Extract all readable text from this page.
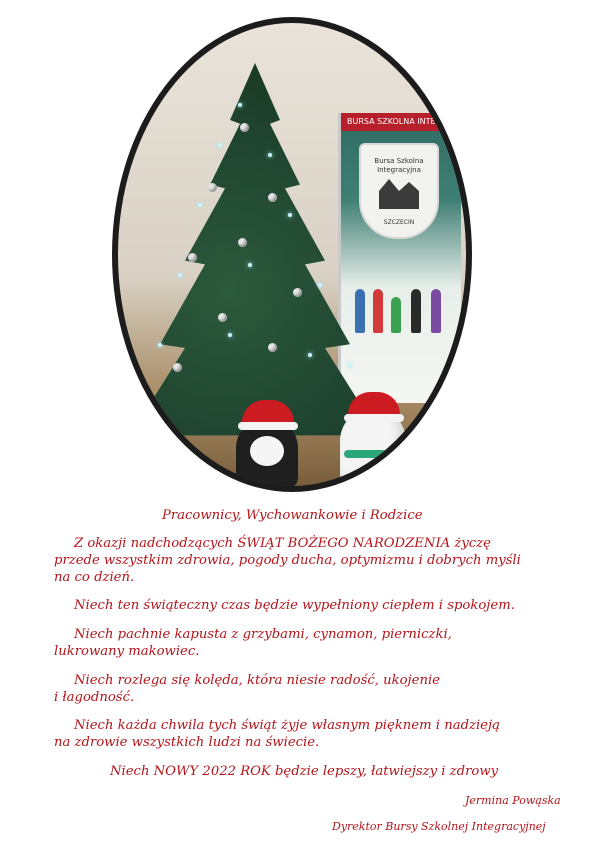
BURSA SZKOLNA INTEGR
Bursa Szkolna
Integracyjna
SZCZECIN
Pracownicy, Wychowankowie i Rodzice
Z okazji nadchodzących ŚWIĄT BOŻEGO NARODZENIA życzę
przede wszystkim zdrowia, pogody ducha, optymizmu i dobrych myśli
na co dzień.
Niech ten świąteczny czas będzie wypełniony ciepłem i spokojem.
Niech pachnie kapusta z grzybami, cynamon, pierniczki,
lukrowany makowiec.
Niech rozlega się kolęda, która niesie radość, ukojenie
i łagodność.
Niech każda chwila tych świąt żyje własnym pięknem i nadzieją
na zdrowie wszystkich ludzi na świecie.
Niech NOWY 2022 ROK będzie lepszy, łatwiejszy i zdrowy
Jermina Powąska
Dyrektor Bursy Szkolnej Integracyjnej
